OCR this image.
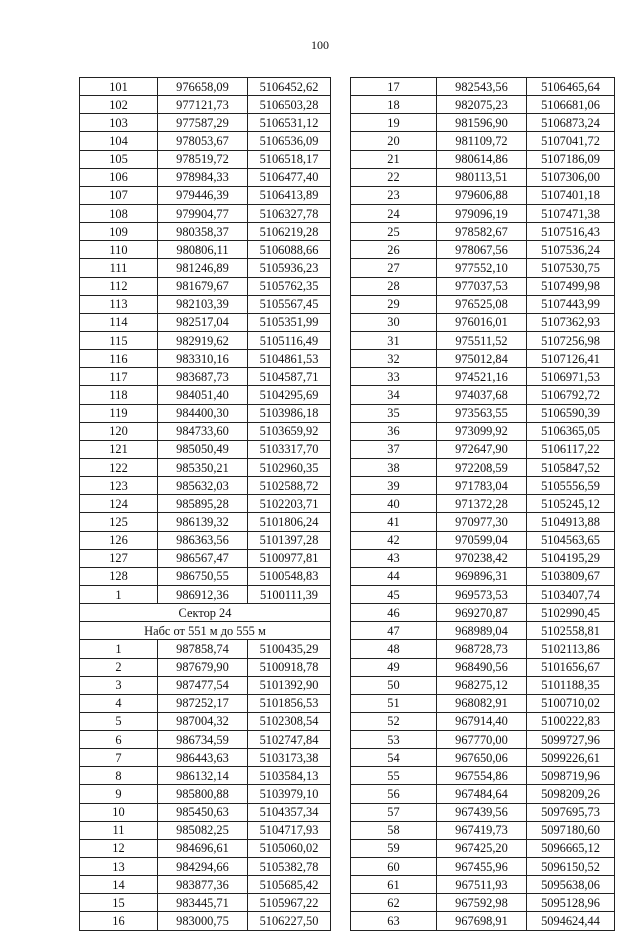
100
101	976658,09	5106452,62
102	977121,73	5106503,28
103	977587,29	5106531,12
104	978053,67	5106536,09
105	978519,72	5106518,17
106	978984,33	5106477,40
107	979446,39	5106413,89
108	979904,77	5106327,78
109	980358,37	5106219,28
110	980806,11	5106088,66
111	981246,89	5105936,23
112	981679,67	5105762,35
113	982103,39	5105567,45
114	982517,04	5105351,99
115	982919,62	5105116,49
116	983310,16	5104861,53
117	983687,73	5104587,71
118	984051,40	5104295,69
119	984400,30	5103986,18
120	984733,60	5103659,92
121	985050,49	5103317,70
122	985350,21	5102960,35
123	985632,03	5102588,72
124	985895,28	5102203,71
125	986139,32	5101806,24
126	986363,56	5101397,28
127	986567,47	5100977,81
128	986750,55	5100548,83
1	986912,36	5100111,39
Сектор 24		
Набс от 551 м до 555 м		
1	987858,74	5100435,29
2	987679,90	5100918,78
3	987477,54	5101392,90
4	987252,17	5101856,53
5	987004,32	5102308,54
6	986734,59	5102747,84
7	986443,63	5103173,38
8	986132,14	5103584,13
9	985800,88	5103979,10
10	985450,63	5104357,34
11	985082,25	5104717,93
12	984696,61	5105060,02
13	984294,66	5105382,78
14	983877,36	5105685,42
15	983445,71	5105967,22
16	983000,75	5106227,50
17	982543,56	5106465,64
18	982075,23	5106681,06
19	981596,90	5106873,24
20	981109,72	5107041,72
21	980614,86	5107186,09
22	980113,51	5107306,00
23	979606,88	5107401,18
24	979096,19	5107471,38
25	978582,67	5107516,43
26	978067,56	5107536,24
27	977552,10	5107530,75
28	977037,53	5107499,98
29	976525,08	5107443,99
30	976016,01	5107362,93
31	975511,52	5107256,98
32	975012,84	5107126,41
33	974521,16	5106971,53
34	974037,68	5106792,72
35	973563,55	5106590,39
36	973099,92	5106365,05
37	972647,90	5106117,22
38	972208,59	5105847,52
39	971783,04	5105556,59
40	971372,28	5105245,12
41	970977,30	5104913,88
42	970599,04	5104563,65
43	970238,42	5104195,29
44	969896,31	5103809,67
45	969573,53	5103407,74
46	969270,87	5102990,45
47	968989,04	5102558,81
48	968728,73	5102113,86
49	968490,56	5101656,67
50	968275,12	5101188,35
51	968082,91	5100710,02
52	967914,40	5100222,83
53	967770,00	5099727,96
54	967650,06	5099226,61
55	967554,86	5098719,96
56	967484,64	5098209,26
57	967439,56	5097695,73
58	967419,73	5097180,60
59	967425,20	5096665,12
60	967455,96	5096150,52
61	967511,93	5095638,06
62	967592,98	5095128,96
63	967698,91	5094624,44
